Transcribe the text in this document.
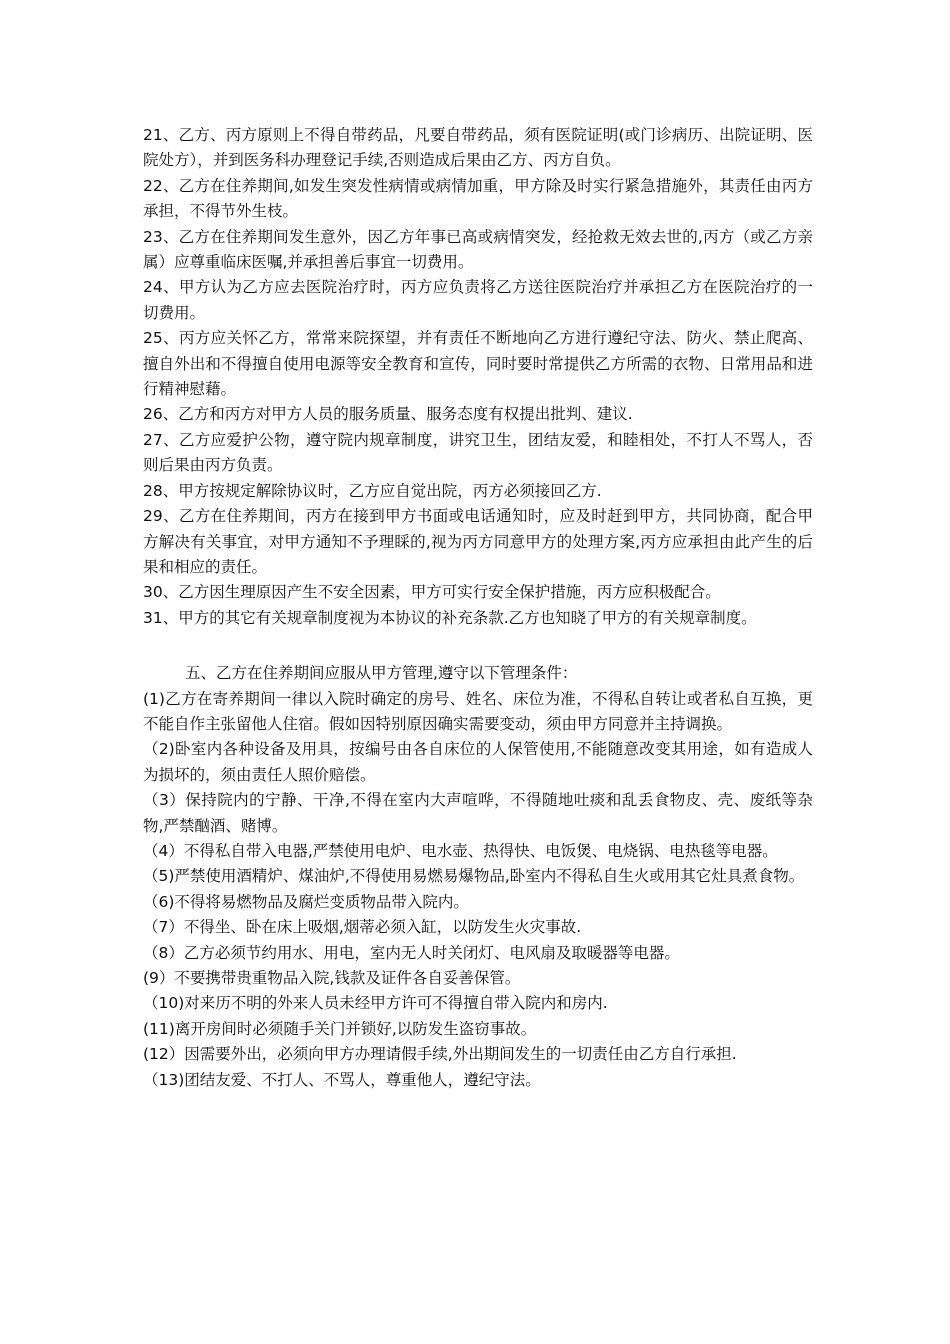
21、乙方、丙方原则上不得自带药品，凡要自带药品，须有医院证明(或门诊病历、出院证明、医院处方），并到医务科办理登记手续,否则造成后果由乙方、丙方自负。

22、乙方在住养期间,如发生突发性病情或病情加重，甲方除及时实行紧急措施外，其责任由丙方承担，不得节外生枝。

23、乙方在住养期间发生意外，因乙方年事已高或病情突发，经抢救无效去世的,丙方（或乙方亲属）应尊重临床医嘱,并承担善后事宜一切费用。

24、甲方认为乙方应去医院治疗时，丙方应负责将乙方送往医院治疗并承担乙方在医院治疗的一切费用。

25、丙方应关怀乙方，常常来院探望，并有责任不断地向乙方进行遵纪守法、防火、禁止爬高、擅自外出和不得擅自使用电源等安全教育和宣传，同时要时常提供乙方所需的衣物、日常用品和进行精神慰藉。

26、乙方和丙方对甲方人员的服务质量、服务态度有权提出批判、建议.

27、乙方应爱护公物，遵守院内规章制度，讲究卫生，团结友爱，和睦相处，不打人不骂人，否则后果由丙方负责。

28、甲方按规定解除协议时，乙方应自觉出院，丙方必须接回乙方.

29、乙方在住养期间，丙方在接到甲方书面或电话通知时，应及时赶到甲方，共同协商，配合甲方解决有关事宜，对甲方通知不予理睬的,视为丙方同意甲方的处理方案,丙方应承担由此产生的后果和相应的责任。

30、乙方因生理原因产生不安全因素，甲方可实行安全保护措施，丙方应积极配合。

31、甲方的其它有关规章制度视为本协议的补充条款.乙方也知晓了甲方的有关规章制度。

五、乙方在住养期间应服从甲方管理,遵守以下管理条件：

(1)乙方在寄养期间一律以入院时确定的房号、姓名、床位为准，不得私自转让或者私自互换，更不能自作主张留他人住宿。假如因特别原因确实需要变动，须由甲方同意并主持调换。

（2)卧室内各种设备及用具，按编号由各自床位的人保管使用,不能随意改变其用途，如有造成人为损坏的，须由责任人照价赔偿。

（3）保持院内的宁静、干净,不得在室内大声喧哗，不得随地吐痰和乱丢食物皮、壳、废纸等杂物,严禁酗酒、赌博。

（4）不得私自带入电器,严禁使用电炉、电水壶、热得快、电饭煲、电烧锅、电热毯等电器。

（5)严禁使用酒精炉、煤油炉,不得使用易燃易爆物品,卧室内不得私自生火或用其它灶具煮食物。

（6)不得将易燃物品及腐烂变质物品带入院内。

（7）不得坐、卧在床上吸烟,烟蒂必须入缸，以防发生火灾事故.

（8）乙方必须节约用水、用电，室内无人时关闭灯、电风扇及取暖器等电器。

(9）不要携带贵重物品入院,钱款及证件各自妥善保管。

（10)对来历不明的外来人员未经甲方许可不得擅自带入院内和房内.

(11)离开房间时必须随手关门并锁好,以防发生盗窃事故。

(12）因需要外出，必须向甲方办理请假手续,外出期间发生的一切责任由乙方自行承担.

（13)团结友爱、不打人、不骂人，尊重他人，遵纪守法。
